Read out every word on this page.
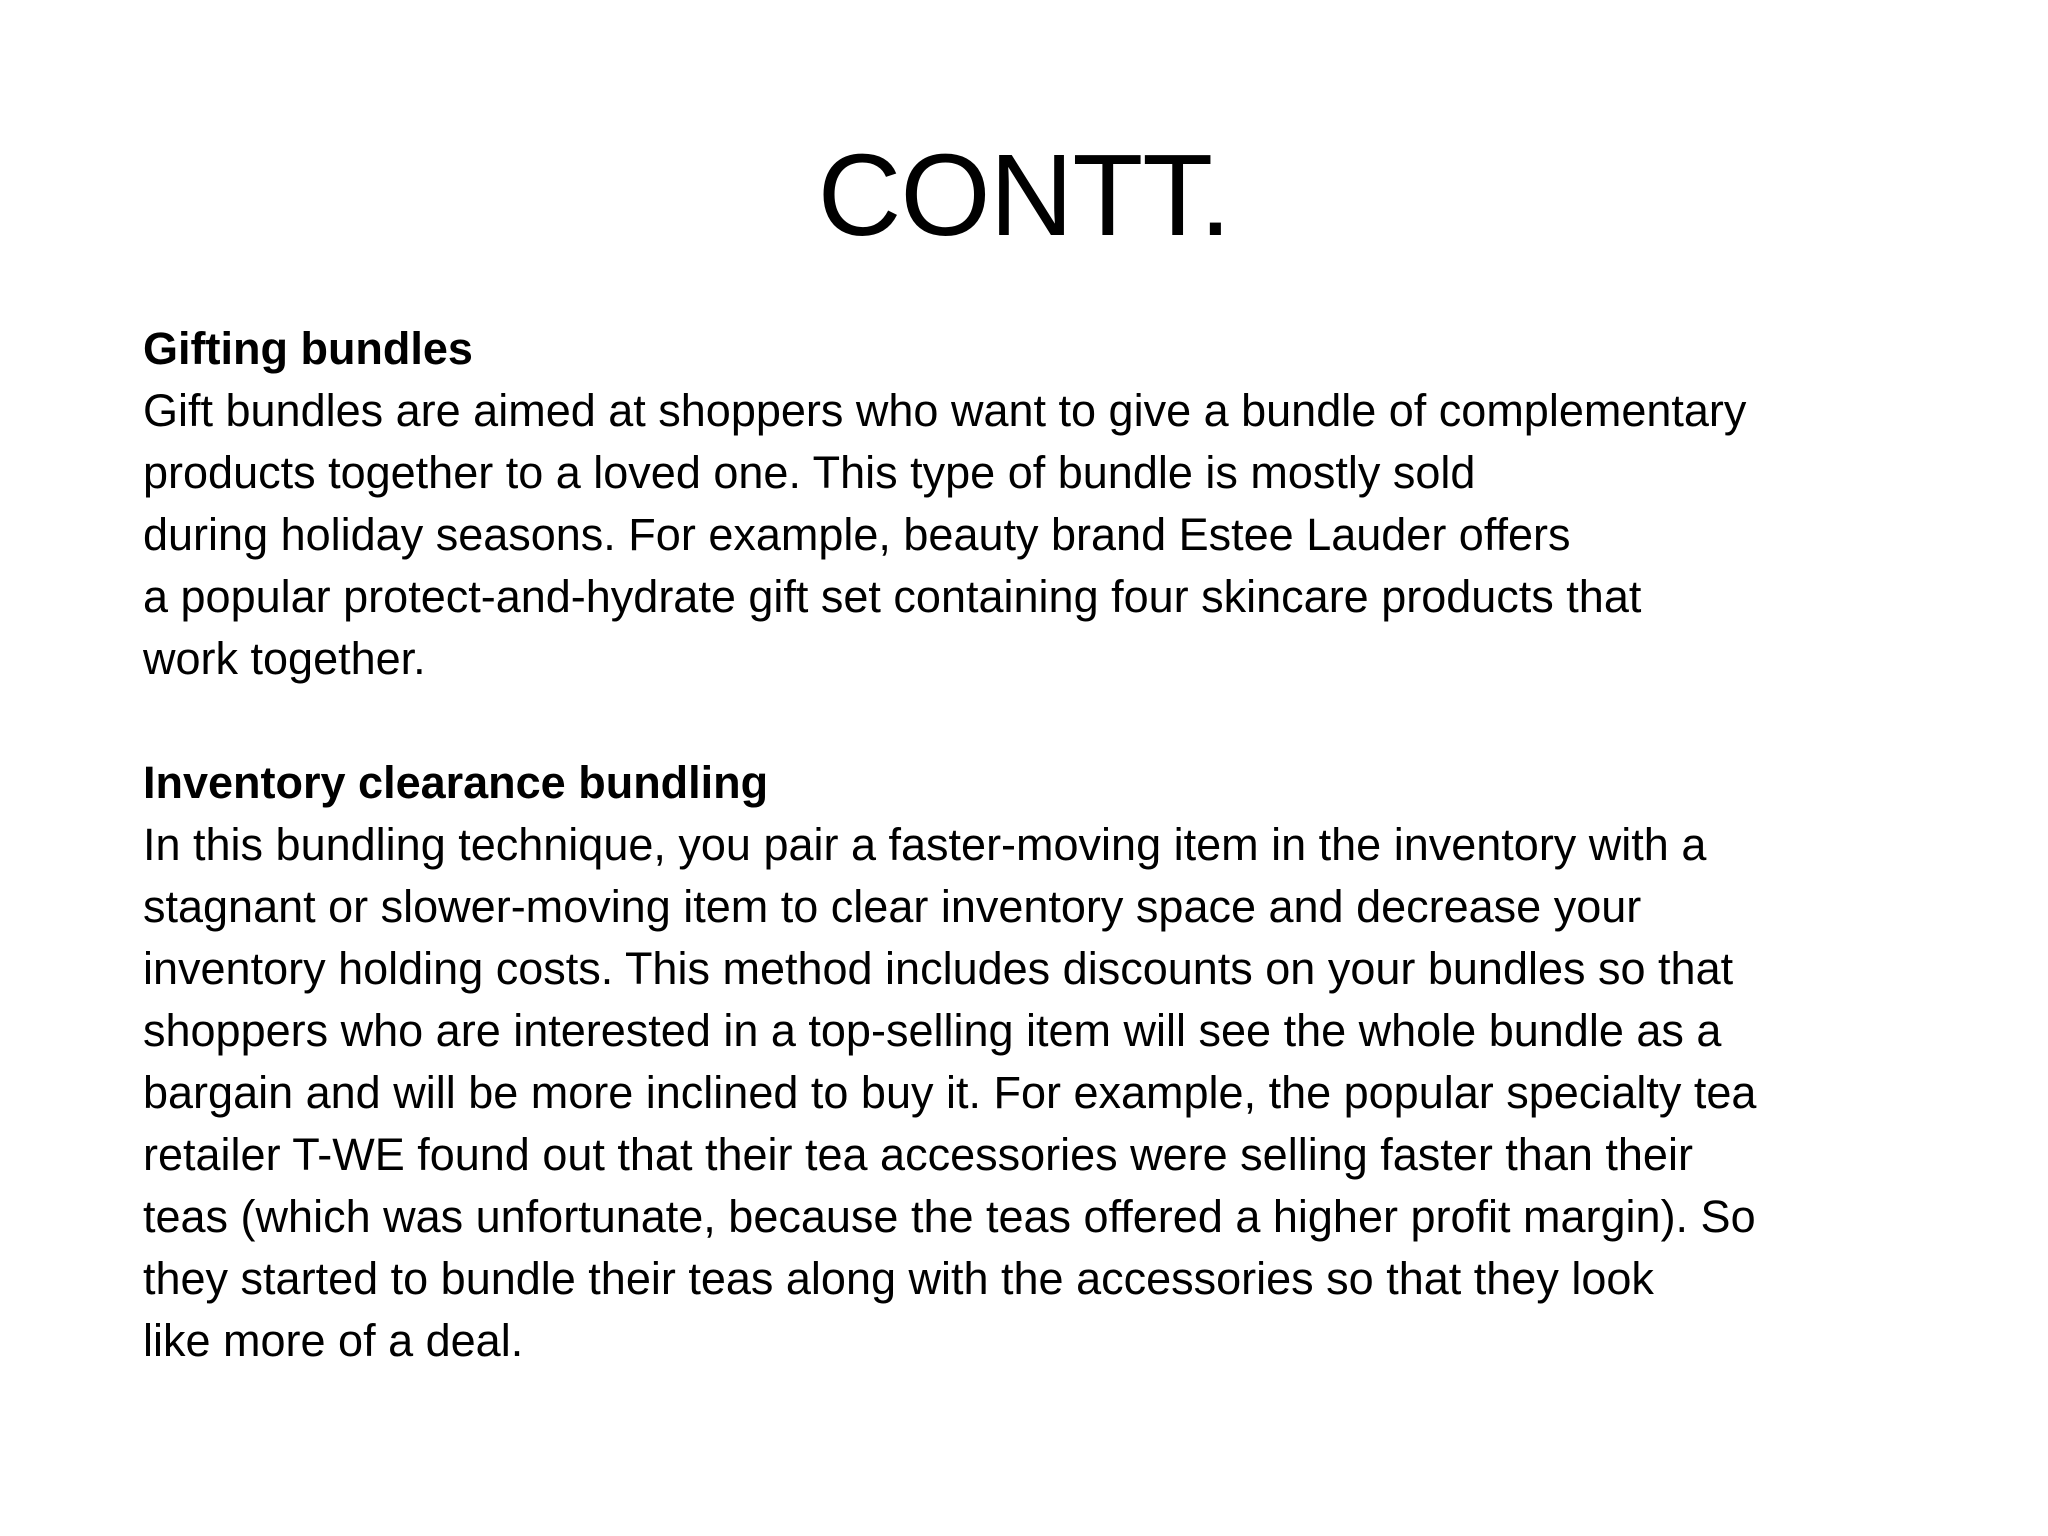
CONTT.
Gifting bundles
Gift bundles are aimed at shoppers who want to give a bundle of complementary
products together to a loved one. This type of bundle is mostly sold
during holiday seasons. For example, beauty brand Estee Lauder offers
a popular protect-and-hydrate gift set containing four skincare products that
work together.
Inventory clearance bundling
In this bundling technique, you pair a faster-moving item in the inventory with a
stagnant or slower-moving item to clear inventory space and decrease your
inventory holding costs. This method includes discounts on your bundles so that
shoppers who are interested in a top-selling item will see the whole bundle as a
bargain and will be more inclined to buy it. For example, the popular specialty tea
retailer T-WE found out that their tea accessories were selling faster than their
teas (which was unfortunate, because the teas offered a higher profit margin). So
they started to bundle their teas along with the accessories so that they look
like more of a deal.
